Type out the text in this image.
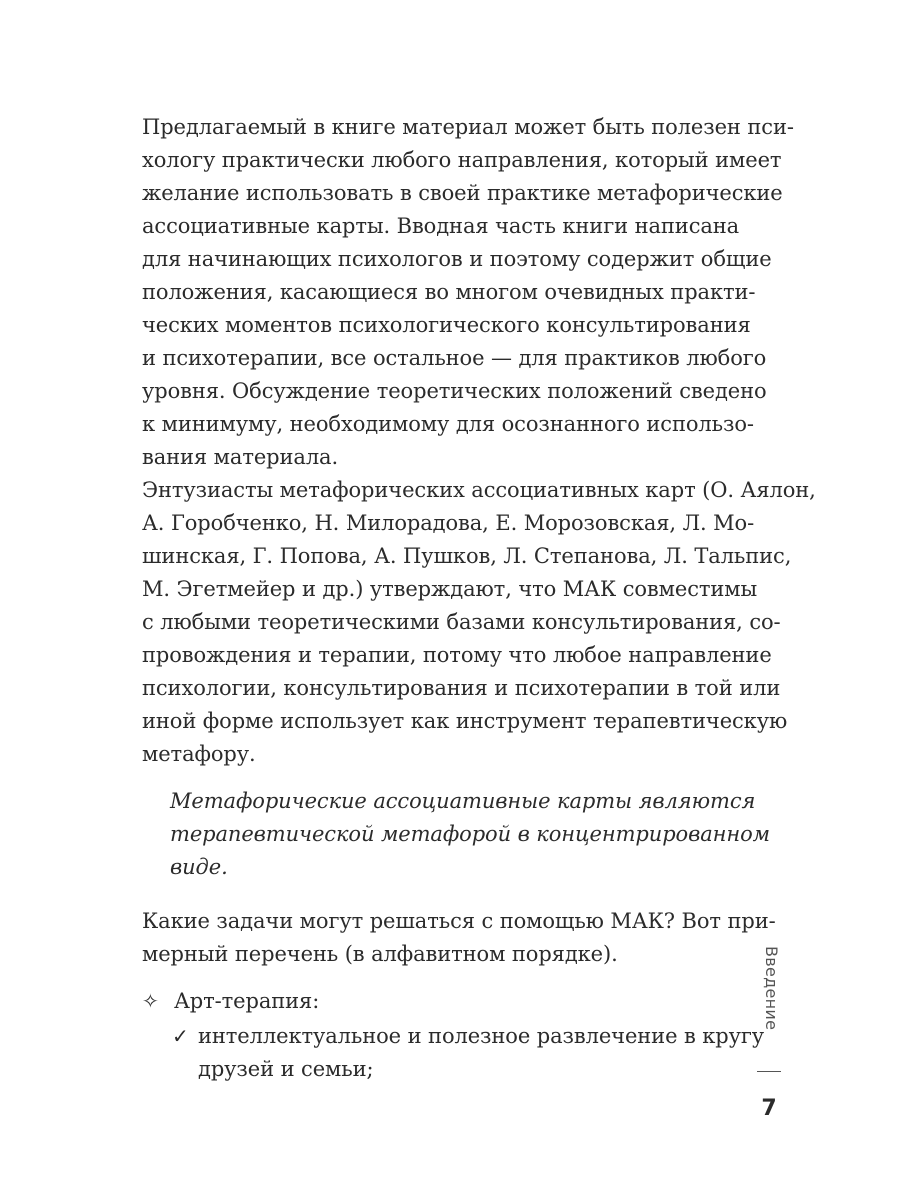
Предлагаемый в книге материал может быть полезен пси-
хологу практически любого направления, который имеет
желание использовать в своей практике метафорические
ассоциативные карты. Вводная часть книги написана
для начинающих психологов и поэтому содержит общие
положения, касающиеся во многом очевидных практи-
ческих моментов психологического консультирования
и психотерапии, все остальное — для практиков любого
уровня. Обсуждение теоретических положений сведено
к минимуму, необходимому для осознанного использо-
вания материала.
Энтузиасты метафорических ассоциативных карт (О. Аялон,
А. Горобченко, Н. Милорадова, Е. Морозовская, Л. Мо-
шинская, Г. Попова, А. Пушков, Л. Степанова, Л. Тальпис,
М. Эгетмейер и др.) утверждают, что МАК совместимы
с любыми теоретическими базами консультирования, со-
провождения и терапии, потому что любое направление
психологии, консультирования и психотерапии в той или
иной форме использует как инструмент терапевтическую
метафору.
Метафорические ассоциативные карты являются
терапевтической метафорой в концентрированном
виде.
Какие задачи могут решаться с помощью МАК? Вот при-
мерный перечень (в алфавитном порядке).
✧ Арт-терапия:
✓ интеллектуальное и полезное развлечение в кругу
друзей и семьи;
Введение
7
